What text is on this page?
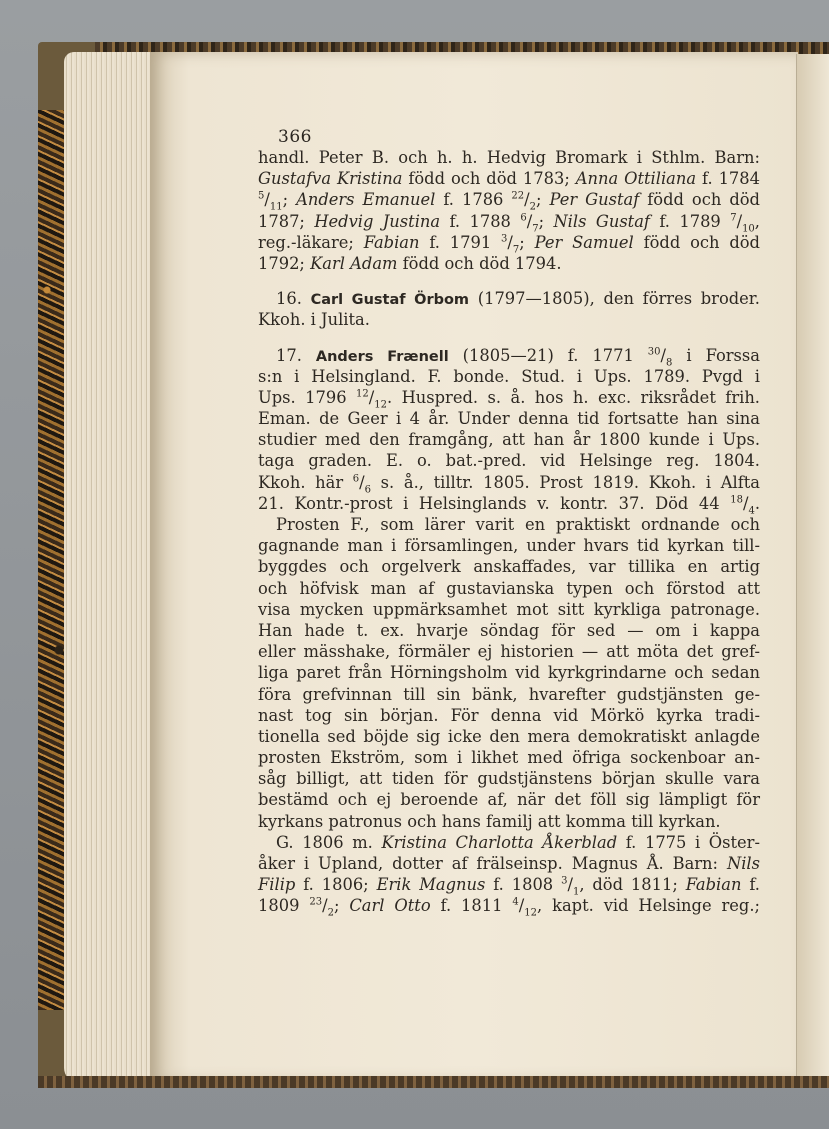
366
handl. Peter B. och h. h. Hedvig Bromark i Sthlm. Barn:
Gustafva Kristina född och död 1783; Anna Ottiliana f. 1784
$^5/_{11}$; Anders Emanuel f. 1786 $^{22}/_2$; Per Gustaf född och död
1787; Hedvig Justina f. 1788 $^6/_7$; Nils Gustaf f. 1789 $^7/_{10}$,
reg.-läkare; Fabian f. 1791 $^3/_7$; Per Samuel född och död
1792; Karl Adam född och död 1794.
16. Carl Gustaf Örbom (1797—1805), den förres broder.
Kkoh. i Julita.
17. Anders Frænell (1805—21) f. 1771 $^{30}/_8$ i Forssa
s:n i Helsingland. F. bonde. Stud. i Ups. 1789. Pvgd i
Ups. 1796 $^{12}/_{12}$. Huspred. s. å. hos h. exc. riksrådet frih.
Eman. de Geer i 4 år. Under denna tid fortsatte han sina
studier med den framgång, att han år 1800 kunde i Ups.
taga graden. E. o. bat.-pred. vid Helsinge reg. 1804.
Kkoh. här $^6/_6$ s. å., tilltr. 1805. Prost 1819. Kkoh. i Alfta
21. Kontr.-prost i Helsinglands v. kontr. 37. Död 44 $^{18}/_4$.
Prosten F., som lärer varit en praktiskt ordnande och
gagnande man i församlingen, under hvars tid kyrkan till-
byggdes och orgelverk anskaffades, var tillika en artig
och höfvisk man af gustavianska typen och förstod att
visa mycken uppmärksamhet mot sitt kyrkliga patronage.
Han hade t. ex. hvarje söndag för sed — om i kappa
eller mässhake, förmäler ej historien — att möta det gref-
liga paret från Hörningsholm vid kyrkgrindarne och sedan
föra grefvinnan till sin bänk, hvarefter gudstjänsten ge-
nast tog sin början. För denna vid Mörkö kyrka tradi-
tionella sed böjde sig icke den mera demokratiskt anlagde
prosten Ekström, som i likhet med öfriga sockenboar an-
såg billigt, att tiden för gudstjänstens början skulle vara
bestämd och ej beroende af, när det föll sig lämpligt för
kyrkans patronus och hans familj att komma till kyrkan.
G. 1806 m. Kristina Charlotta Åkerblad f. 1775 i Öster-
åker i Upland, dotter af frälseinsp. Magnus Å. Barn: Nils
Filip f. 1806; Erik Magnus f. 1808 $^3/_1$, död 1811; Fabian f.
1809 $^{23}/_2$; Carl Otto f. 1811 $^4/_{12}$, kapt. vid Helsinge reg.;
